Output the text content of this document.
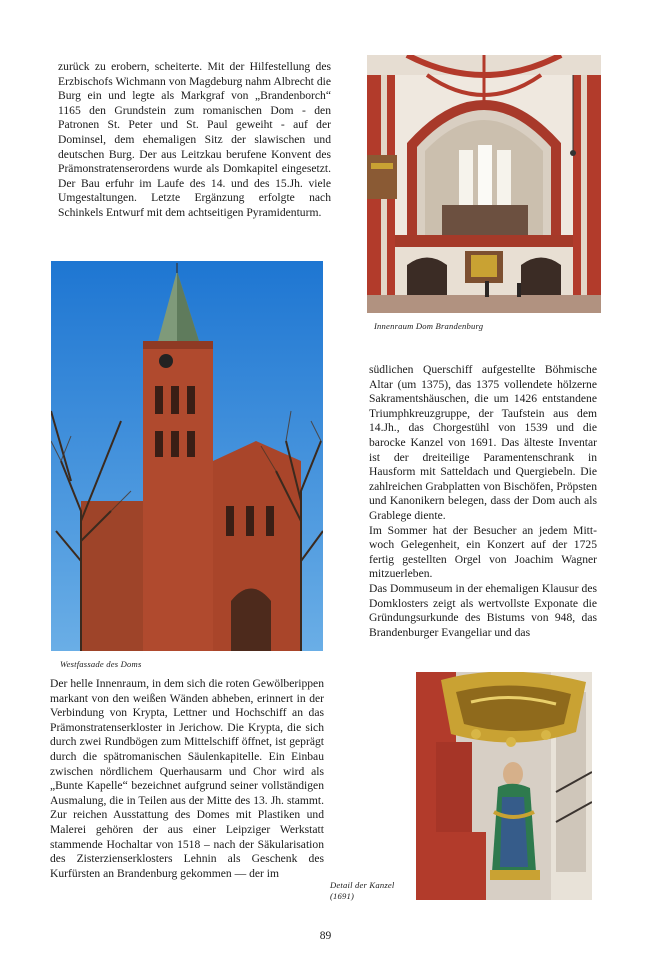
zurück zu erobern, scheiterte. Mit der Hilfestellung des Erzbischofs Wichmann von Magdeburg nahm Albrecht die Burg ein und legte als Markgraf von „Brandenborch“ 1165 den Grundstein zum romanischen Dom - den Patronen St. Peter und St. Paul geweiht - auf der Dominsel, dem ehemaligen Sitz der slawischen und deutschen Burg. Der aus Leitzkau berufene Konvent des Prämonstratenserordens wurde als Domkapitel eingesetzt. Der Bau erfuhr im Laufe des 14. und des 15.Jh. viele Umgestaltungen. Letzte Ergänzung erfolgte nach Schinkels Entwurf mit dem achtseitigen Pyramidenturm.
Innenraum Dom Brandenburg
Westfassade des Doms

südlichen Querschiff aufgestellte Böhmische Altar (um 1375), das 1375 vollendete hölzerne Sakramentshäuschen, die um 1426 entstandene Triumphkreuzgruppe, der Taufstein aus dem 14.Jh., das Chorgestühl von 1539 und die barocke Kanzel von 1691. Das älteste Inventar ist der dreiteilige Paramentenschrank in Hausform mit Satteldach und Quergiebeln. Die zahlreichen Grabplatten von Bischöfen, Pröpsten und Kanonikern belegen, dass der Dom auch als Grablege diente.

Im Sommer hat der Besucher an jedem Mittwoch Gelegenheit, ein Konzert auf der 1725 fertig gestellten Orgel von Joachim Wagner mitzuerleben.

Das Dommuseum in der ehemaligen Klausur des Domklosters zeigt als wertvollste Exponate die Gründungsurkunde des Bistums von 948, das Brandenburger Evangeliar und das

Der helle Innenraum, in dem sich die roten Gewölberippen markant von den weißen Wänden abheben, erinnert in der Verbindung von Krypta, Lettner und Hochschiff an das Prämonstratenserkloster in Jerichow. Die Krypta, die sich durch zwei Rundbögen zum Mittelschiff öffnet, ist geprägt durch die spätromanischen Säulenkapitelle. Ein Einbau zwischen nördlichem Querhausarm und Chor wird als „Bunte Kapelle“ bezeichnet aufgrund seiner vollständigen Ausmalung, die in Teilen aus der Mitte des 13. Jh. stammt. Zur reichen Ausstattung des Domes mit Plastiken und Malerei gehören der aus einer Leipziger Werkstatt stammende Hochaltar von 1518 – nach der Säkularisation des Zisterzienserklosters Lehnin als Geschenk des Kurfürsten an Brandenburg gekommen — der im
Detail der Kanzel
(1691)
89
